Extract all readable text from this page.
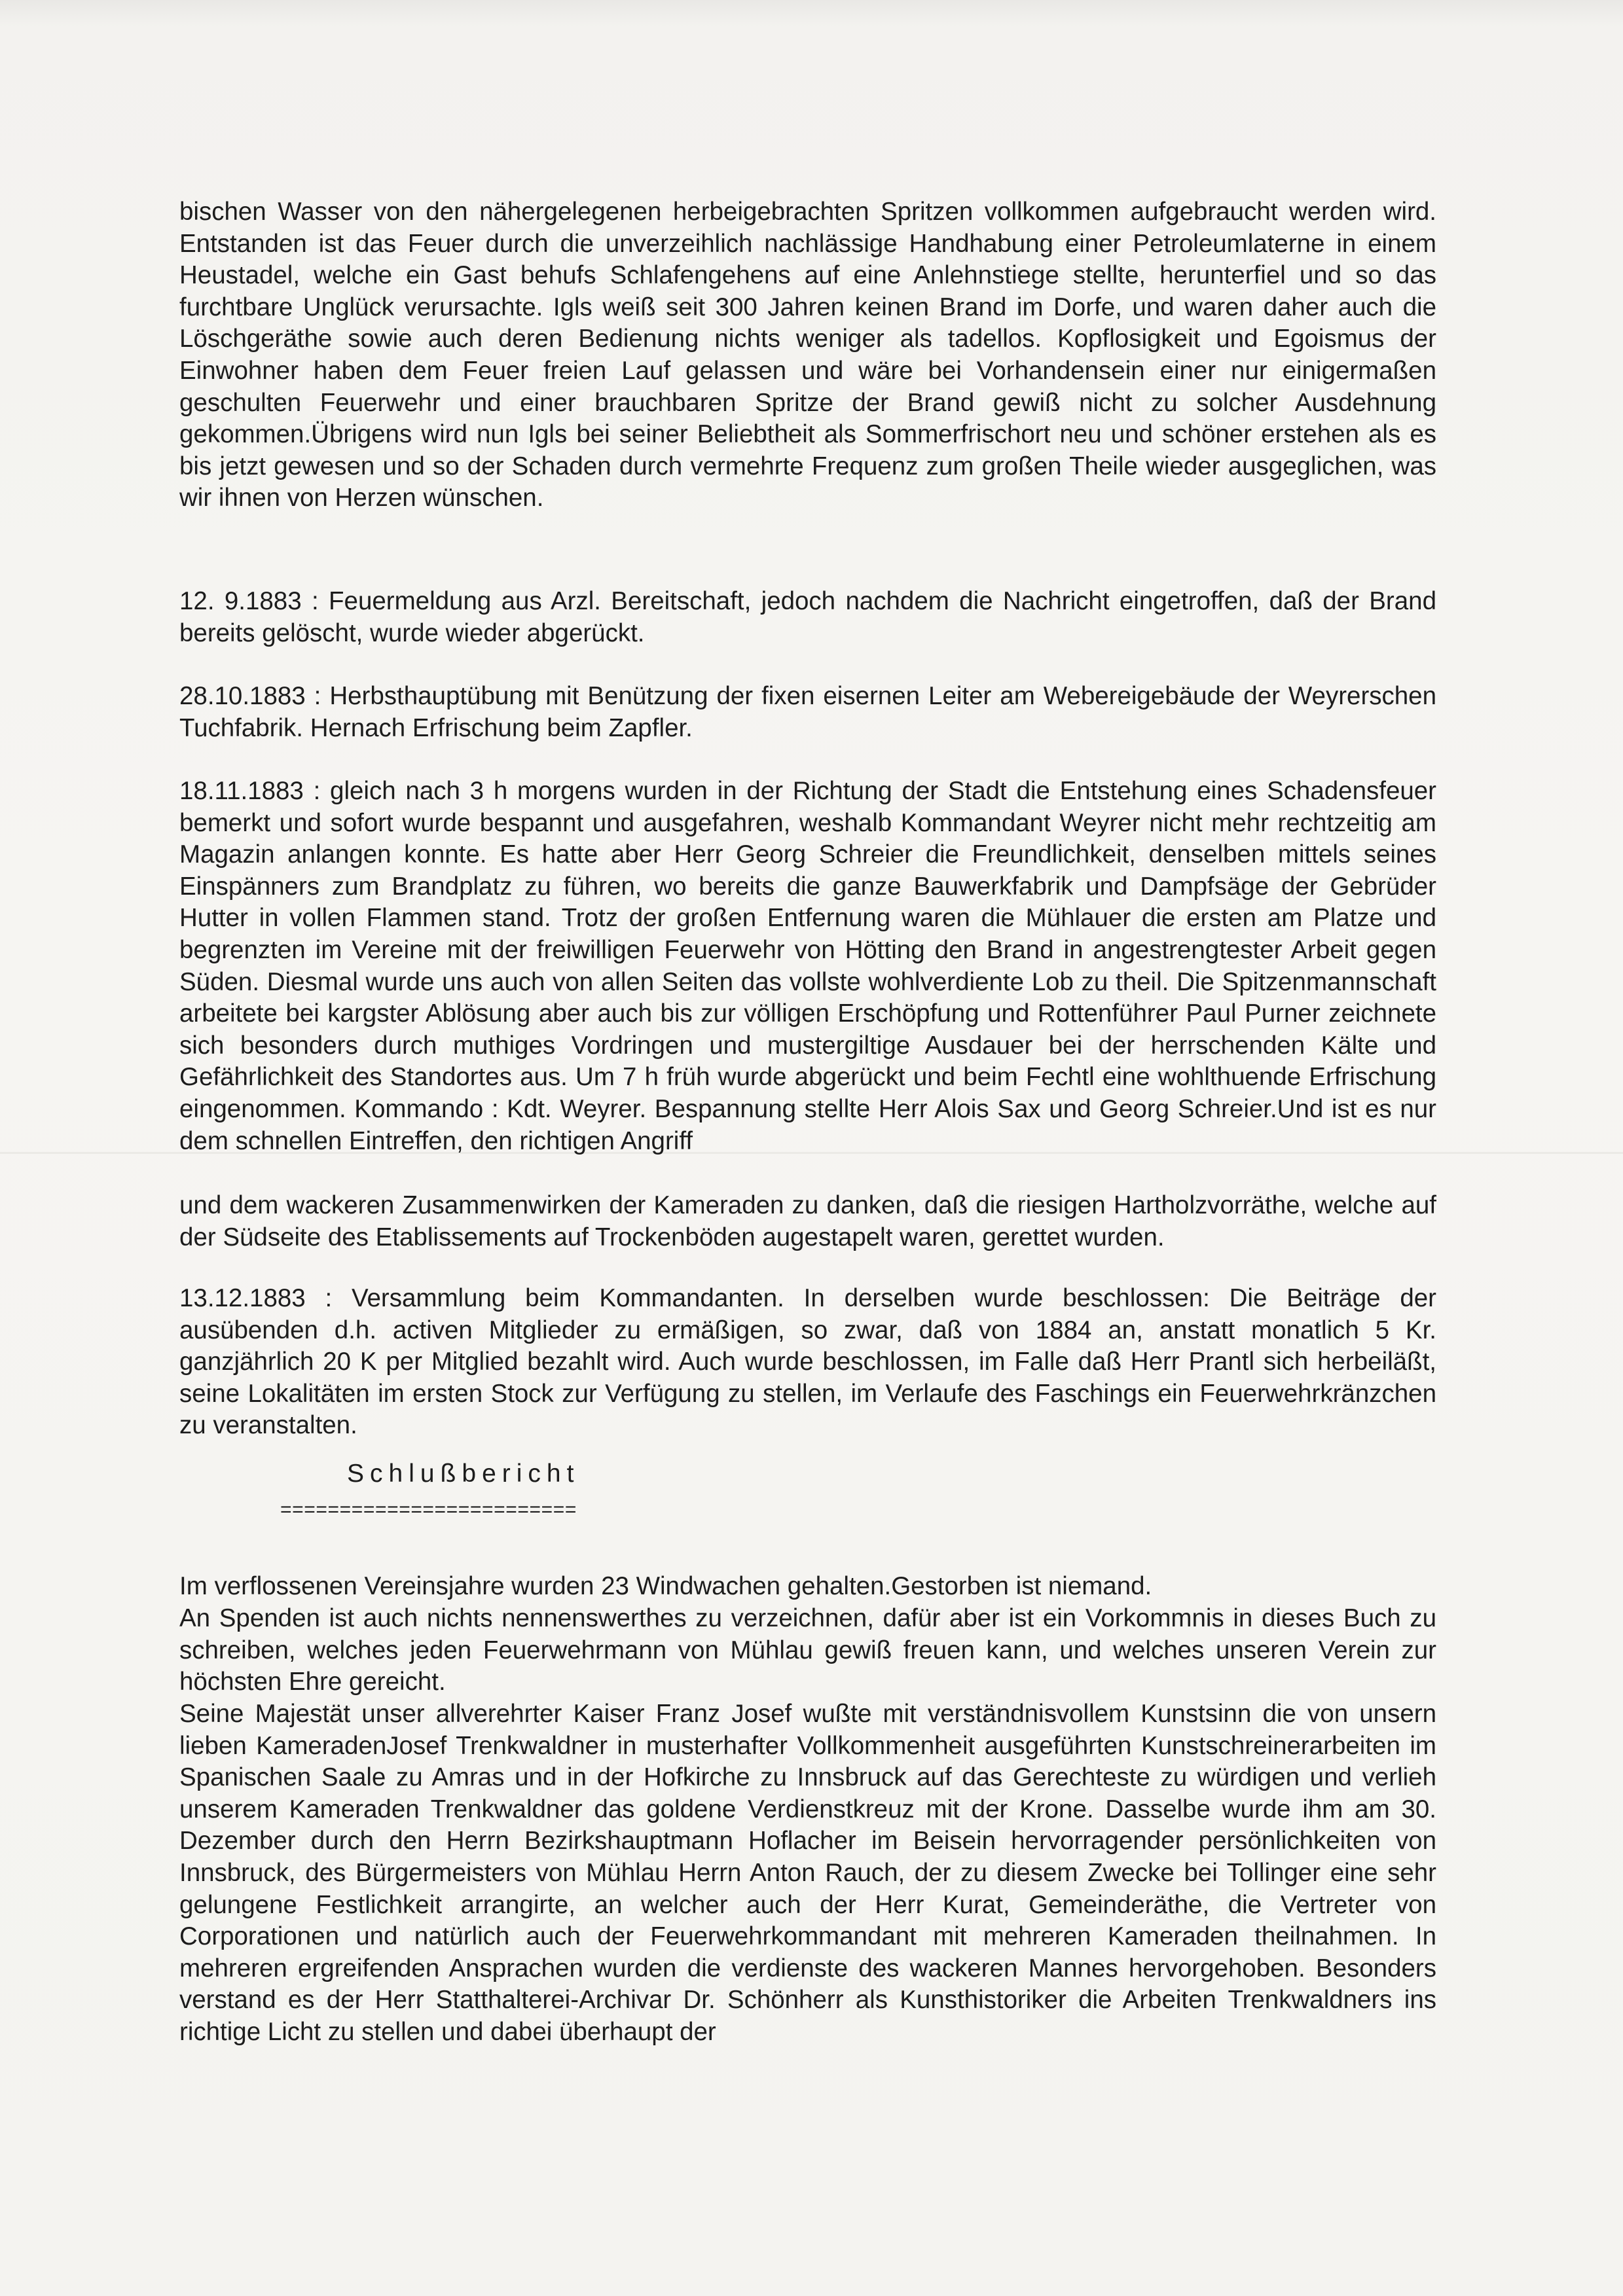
bischen Wasser von den nähergelegenen herbeigebrachten Spritzen vollkommen aufgebraucht werden wird. Entstanden ist das Feuer durch die unverzeihlich nachlässige Handhabung einer Petroleumlaterne in einem Heustadel, welche ein Gast behufs Schlafengehens auf eine Anlehnstiege stellte, herunterfiel und so das furchtbare Unglück verursachte. Igls weiß seit 300 Jahren keinen Brand im Dorfe, und waren daher auch die Löschgeräthe sowie auch deren Bedienung nichts weniger als tadellos. Kopflosigkeit und Egoismus der Einwohner haben dem Feuer freien Lauf gelassen und wäre bei Vorhandensein einer nur einigermaßen geschulten Feuerwehr und einer brauchbaren Spritze der Brand gewiß nicht zu solcher Ausdehnung gekommen.Übrigens wird nun Igls bei seiner Beliebtheit als Sommerfrischort neu und schöner erstehen als es bis jetzt gewesen und so der Schaden durch vermehrte Frequenz zum großen Theile wieder ausgeglichen, was wir ihnen von Herzen wünschen.

12. 9.1883 : Feuermeldung aus Arzl. Bereitschaft, jedoch nachdem die Nachricht eingetroffen, daß der Brand bereits gelöscht, wurde wieder abgerückt.

28.10.1883 : Herbsthauptübung mit Benützung der fixen eisernen Leiter am Webereigebäude der Weyrerschen Tuchfabrik. Hernach Erfrischung beim Zapfler.

18.11.1883 : gleich nach 3 h morgens wurden in der Richtung der Stadt die Entstehung eines Schadensfeuer bemerkt und sofort wurde bespannt und ausgefahren, weshalb Kommandant Weyrer nicht mehr rechtzeitig am Magazin anlangen konnte. Es hatte aber Herr Georg Schreier die Freundlichkeit, denselben mittels seines Einspänners zum Brandplatz zu führen, wo bereits die ganze Bauwerkfabrik und Dampfsäge der Gebrüder Hutter in vollen Flammen stand. Trotz der großen Entfernung waren die Mühlauer die ersten am Platze und begrenzten im Vereine mit der freiwilligen Feuerwehr von Hötting den Brand in angestrengtester Arbeit gegen Süden. Diesmal wurde uns auch von allen Seiten das vollste wohlverdiente Lob zu theil. Die Spitzenmannschaft arbeitete bei kargster Ablösung aber auch bis zur völligen Erschöpfung und Rottenführer Paul Purner zeichnete sich besonders durch muthiges Vordringen und mustergiltige Ausdauer bei der herrschenden Kälte und Gefährlichkeit des Standortes aus. Um 7 h früh wurde abgerückt und beim Fechtl eine wohlthuende Erfrischung eingenommen. Kommando : Kdt. Weyrer. Bespannung stellte Herr Alois Sax und Georg Schreier.Und ist es nur dem schnellen Eintreffen, den richtigen Angriff

und dem wackeren Zusammenwirken der Kameraden zu danken, daß die riesigen Hartholzvorräthe, welche auf der Südseite des Etablissements auf Trockenböden augestapelt waren, gerettet wurden.

13.12.1883 : Versammlung beim Kommandanten. In derselben wurde beschlossen: Die Beiträge der ausübenden d.h. activen Mitglieder zu ermäßigen, so zwar, daß von 1884 an, anstatt monatlich 5 Kr. ganzjährlich 20 K per Mitglied bezahlt wird. Auch wurde beschlossen, im Falle daß Herr Prantl sich herbeiläßt, seine Lokalitäten im ersten Stock zur Verfügung zu stellen, im Verlaufe des Faschings ein Feuerwehrkränzchen zu veranstalten.

Schlußbericht

=========================

Im verflossenen Vereinsjahre wurden 23 Windwachen gehalten.Gestorben ist niemand.

An Spenden ist auch nichts nennenswerthes zu verzeichnen, dafür aber ist ein Vorkommnis in dieses Buch zu schreiben, welches jeden Feuerwehrmann von Mühlau gewiß freuen kann, und welches unseren Verein zur höchsten Ehre gereicht.

Seine Majestät unser allverehrter Kaiser Franz Josef wußte mit verständnisvollem Kunstsinn die von unsern lieben KameradenJosef Trenkwaldner in musterhafter Vollkommenheit ausgeführten Kunstschreinerarbeiten im Spanischen Saale zu Amras und in der Hofkirche zu Innsbruck auf das Gerechteste zu würdigen und verlieh unserem Kameraden Trenkwaldner das goldene Verdienstkreuz mit der Krone. Dasselbe wurde ihm am 30. Dezember durch den Herrn Bezirkshauptmann Hoflacher im Beisein hervorragender persönlichkeiten von Innsbruck, des Bürgermeisters von Mühlau Herrn Anton Rauch, der zu diesem Zwecke bei Tollinger eine sehr gelungene Festlichkeit arrangirte, an welcher auch der Herr Kurat, Gemeinderäthe, die Vertreter von Corporationen und natürlich auch der Feuerwehrkommandant mit mehreren Kameraden theilnahmen. In mehreren ergreifenden Ansprachen wurden die verdienste des wackeren Mannes hervorgehoben. Besonders verstand es der Herr Statthalterei-Archivar Dr. Schönherr als Kunsthistoriker die Arbeiten Trenkwaldners ins richtige Licht zu stellen und dabei überhaupt der
